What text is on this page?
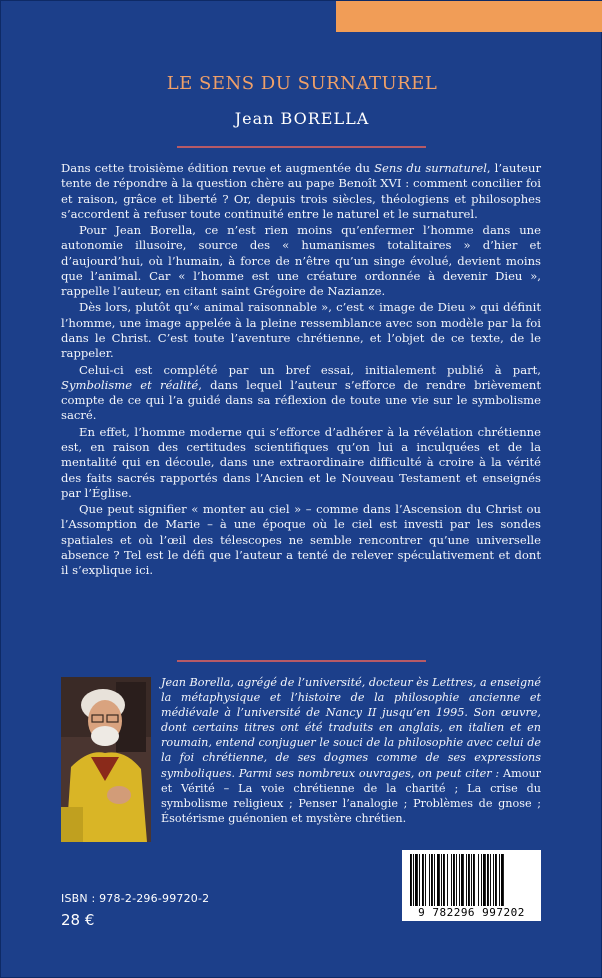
LE SENS DU SURNATUREL
Jean BORELLA

Dans cette troisième édition revue et augmentée du Sens du surnaturel, l’auteur tente de répondre à la question chère au pape Benoît XVI : comment concilier foi et raison, grâce et liberté ? Or, depuis trois siècles, théologiens et philosophes s’accordent à refuser toute continuité entre le naturel et le surnaturel.

Pour Jean Borella, ce n’est rien moins qu’enfermer l’homme dans une autonomie illusoire, source des « humanismes totalitaires » d’hier et d’aujourd’hui, où l’humain, à force de n’être qu’un singe évolué, devient moins que l’animal. Car « l’homme est une créature ordonnée à devenir Dieu », rappelle l’auteur, en citant saint Grégoire de Nazianze.

Dès lors, plutôt qu’« animal raisonnable », c’est « image de Dieu » qui définit l’homme, une image appelée à la pleine ressemblance avec son modèle par la foi dans le Christ. C’est toute l’aventure chrétienne, et l’objet de ce texte, de le rappeler.

Celui-ci est complété par un bref essai, initialement publié à part, Symbolisme et réalité, dans lequel l’auteur s’efforce de rendre brièvement compte de ce qui l’a guidé dans sa réflexion de toute une vie sur le symbolisme sacré.

En effet, l’homme moderne qui s’efforce d’adhérer à la révélation chrétienne est, en raison des certitudes scientifiques qu’on lui a inculquées et de la mentalité qui en découle, dans une extraordinaire difficulté à croire à la vérité des faits sacrés rapportés dans l’Ancien et le Nouveau Testament et enseignés par l’Église.

Que peut signifier « monter au ciel » – comme dans l’Ascension du Christ ou l’Assomption de Marie – à une époque où le ciel est investi par les sondes spatiales et où l’œil des télescopes ne semble rencontrer qu’une universelle absence ? Tel est le défi que l’auteur a tenté de relever spéculativement et dont il s’explique ici.

Jean Borella, agrégé de l’université, docteur ès Lettres, a enseigné la métaphysique et l’histoire de la philosophie ancienne et médiévale à l’université de Nancy II jusqu’en 1995. Son œuvre, dont certains titres ont été traduits en anglais, en italien et en roumain, entend conjuguer le souci de la philosophie avec celui de la foi chrétienne, de ses dogmes comme de ses expressions symboliques. Parmi ses nombreux ouvrages, on peut citer : Amour et Vérité – La voie chrétienne de la charité ; La crise du symbolisme religieux ; Penser l’analogie ; Problèmes de gnose ; Ésotérisme guénonien et mystère chrétien.
ISBN : 978-2-296-99720-2
28 €	9 782296 997202
